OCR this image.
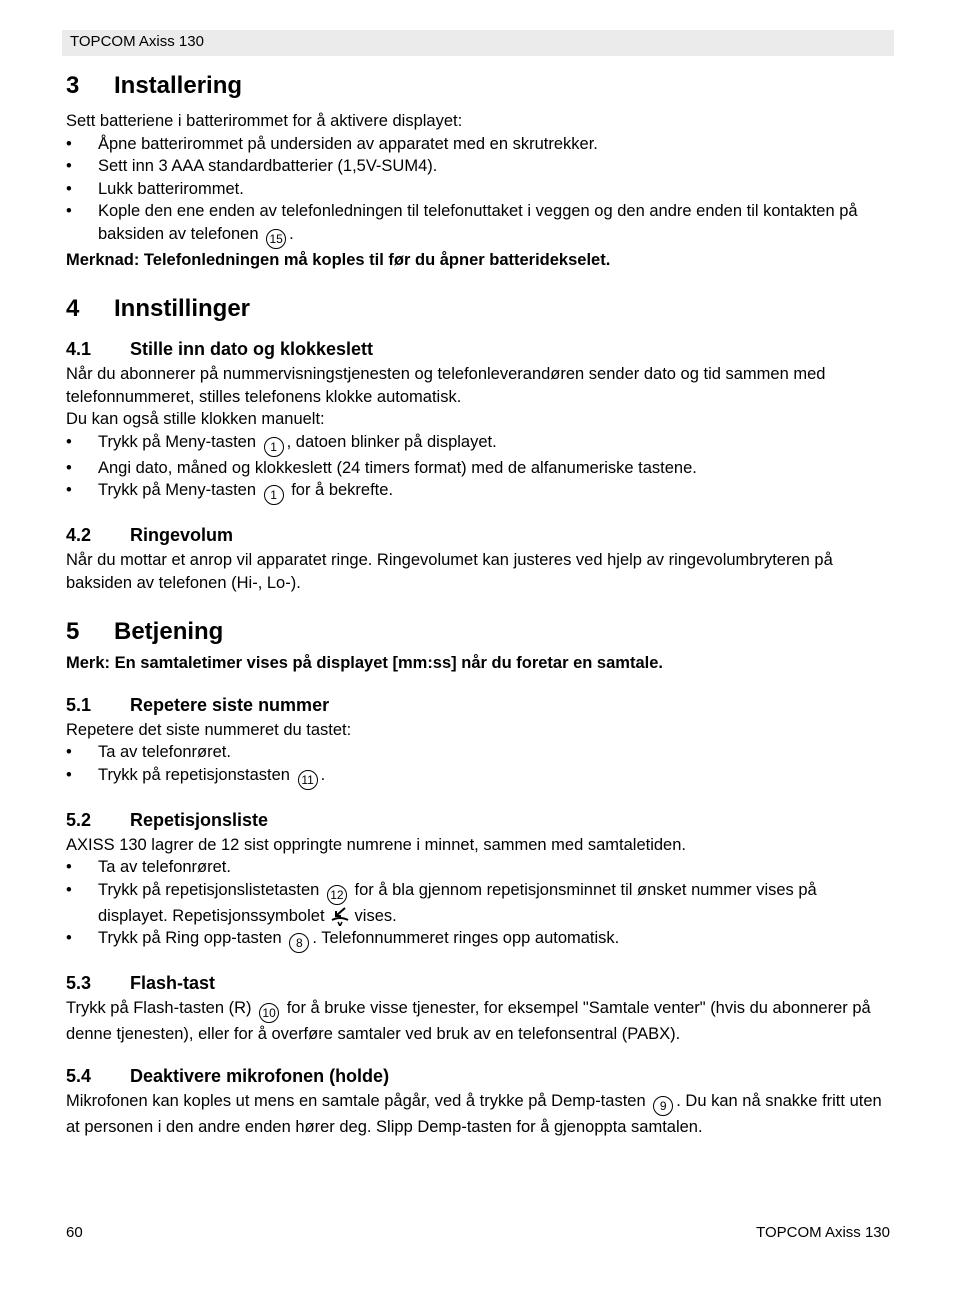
TOPCOM Axiss 130
3 Installering

Sett batteriene i batterirommet for å aktivere displayet:

• Åpne batterirommet på undersiden av apparatet med en skrutrekker.
• Sett inn 3 AAA standardbatterier (1,5V-SUM4).
• Lukk batterirommet.
• Kople den ene enden av telefonledningen til telefonuttaket i veggen og den andre enden til kontakten på baksiden av telefonen 15 .

Merknad: Telefonledningen må koples til før du åpner batteridekselet.

4 Innstillinger
4.1 Stille inn dato og klokkeslett

Når du abonnerer på nummervisningstjenesten og telefonleverandøren sender dato og tid sammen med telefonnummeret, stilles telefonens klokke automatisk.

Du kan også stille klokken manuelt:

• Trykk på Meny-tasten 1 , datoen blinker på displayet.
• Angi dato, måned og klokkeslett (24 timers format) med de alfanumeriske tastene.
• Trykk på Meny-tasten 1 for å bekrefte.
4.2 Ringevolum

Når du mottar et anrop vil apparatet ringe. Ringevolumet kan justeres ved hjelp av ringevolumbryteren på baksiden av telefonen (Hi-, Lo-).

5 Betjening

Merk: En samtaletimer vises på displayet [mm:ss] når du foretar en samtale.

5.1 Repetere siste nummer

Repetere det siste nummeret du tastet:

• Ta av telefonrøret.
• Trykk på repetisjonstasten 11 .
5.2 Repetisjonsliste

AXISS 130 lagrer de 12 sist oppringte numrene i minnet, sammen med samtaletiden.

• Ta av telefonrøret.
• Trykk på repetisjonslistetasten 12 for å bla gjennom repetisjonsminnet til ønsket nummer vises på displayet. Repetisjonssymbolet vises.
• Trykk på Ring opp-tasten 8 . Telefonnummeret ringes opp automatisk.
5.3 Flash-tast

Trykk på Flash-tasten (R) 10 for å bruke visse tjenester, for eksempel "Samtale venter" (hvis du abonnerer på denne tjenesten), eller for å overføre samtaler ved bruk av en telefonsentral (PABX).

5.4 Deaktivere mikrofonen (holde)

Mikrofonen kan koples ut mens en samtale pågår, ved å trykke på Demp-tasten 9 . Du kan nå snakke fritt uten at personen i den andre enden hører deg. Slipp Demp-tasten for å gjenoppta samtalen.

60	TOPCOM Axiss 130
